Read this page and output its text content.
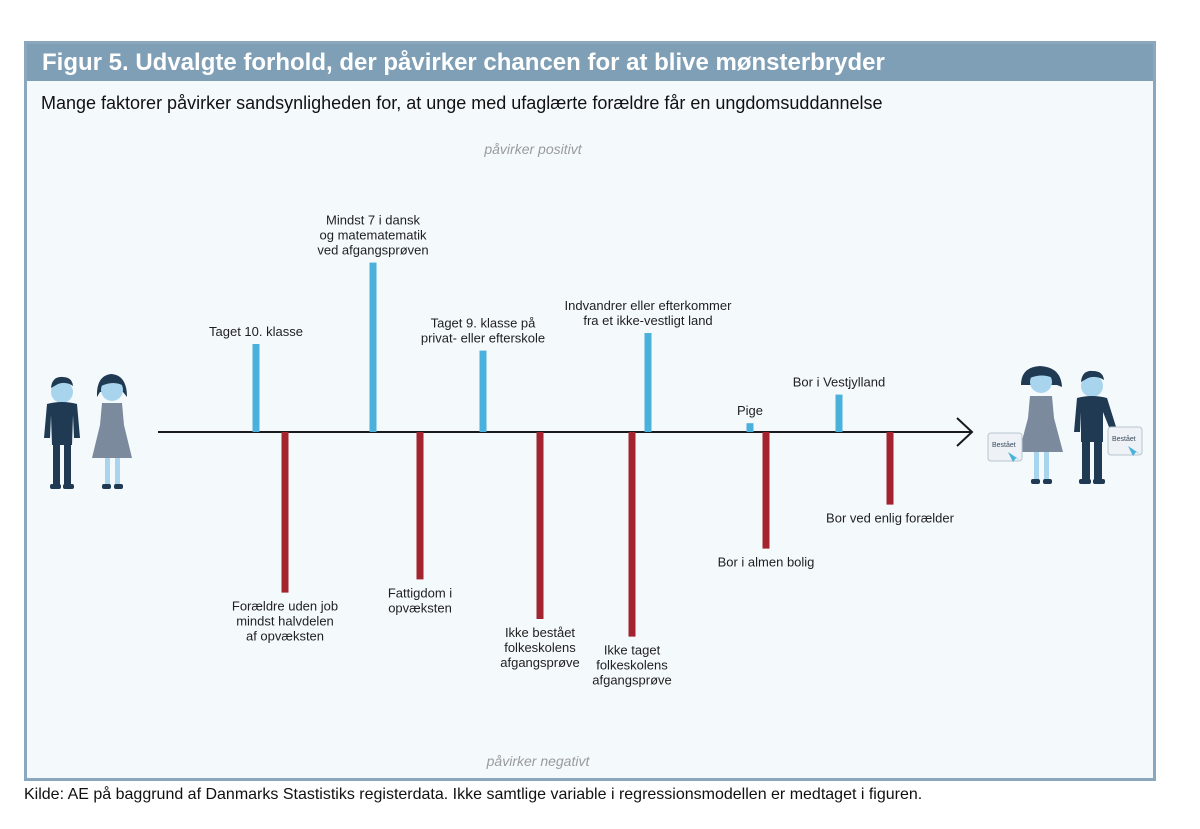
Figur 5. Udvalgte forhold, der påvirker chancen for at blive mønsterbryder
Mange faktorer påvirker sandsynligheden for, at unge med ufaglærte forældre får en ungdomsuddannelse
påvirker positivt
påvirker negativt
Taget 10. klasse
Forældre uden job mindst halvdelen af opvæksten
Mindst 7 i dansk og matematematik ved afgangsprøven
Fattigdom i opvæksten
Taget 9. klasse på privat- eller efterskole
Ikke bestået folkeskolens afgangsprøve
Ikke taget folkeskolens afgangsprøve
Indvandrer eller efterkommer fra et ikke-vestligt land
Pige
Bor i almen bolig
Bor i Vestjylland
Bor ved enlig forælder
Bestået
Bestået
Kilde: AE på baggrund af Danmarks Stastistiks registerdata. Ikke samtlige variable i regressionsmodellen er medtaget i figuren.
